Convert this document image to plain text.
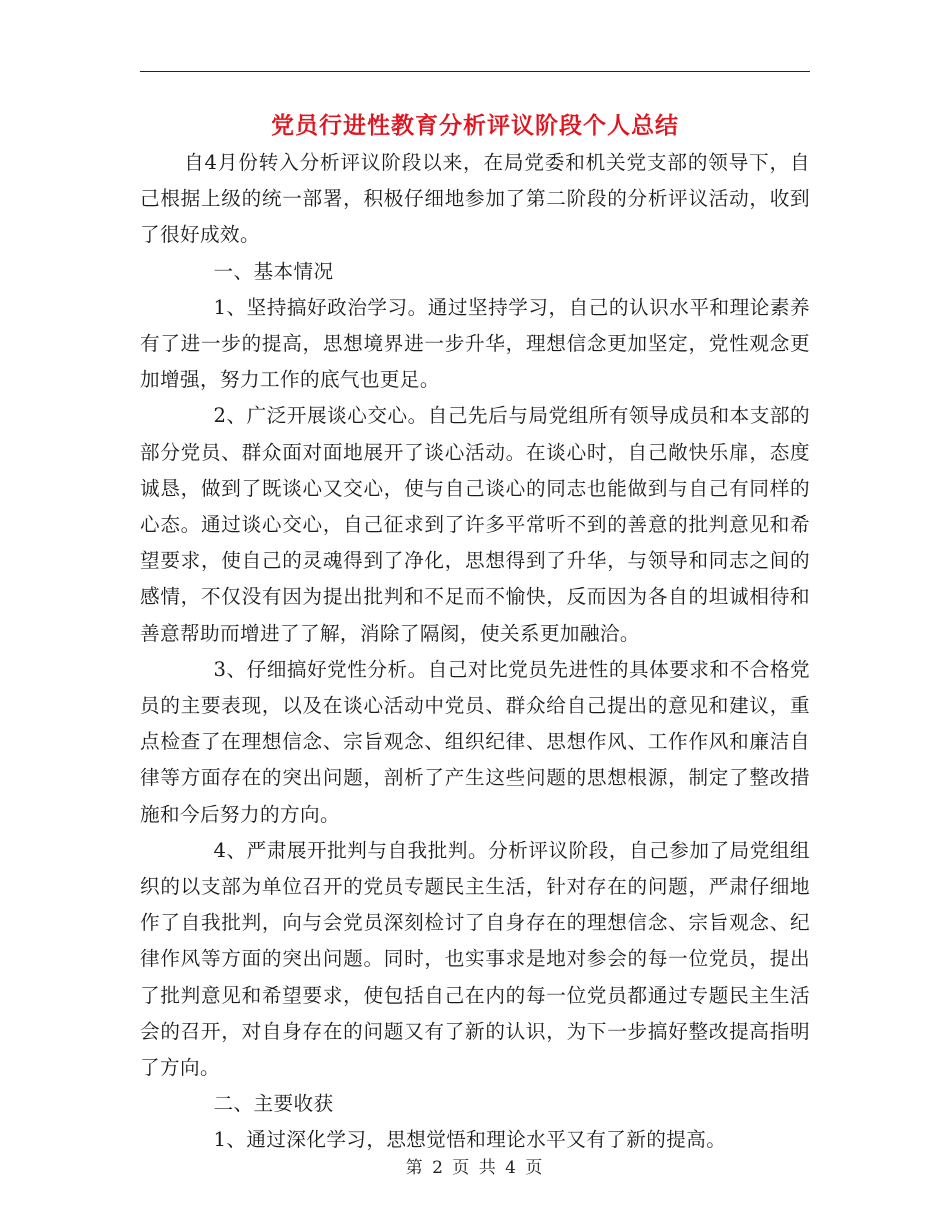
党员行进性教育分析评议阶段个人总结

自4月份转入分析评议阶段以来，在局党委和机关党支部的领导下，自己根据上级的统一部署，积极仔细地参加了第二阶段的分析评议活动，收到了很好成效。

一、基本情况

1、坚持搞好政治学习。通过坚持学习，自己的认识水平和理论素养有了进一步的提高，思想境界进一步升华，理想信念更加坚定，党性观念更加增强，努力工作的底气也更足。

2、广泛开展谈心交心。自己先后与局党组所有领导成员和本支部的部分党员、群众面对面地展开了谈心活动。在谈心时，自己敞快乐扉，态度诚恳，做到了既谈心又交心，使与自己谈心的同志也能做到与自己有同样的心态。通过谈心交心，自己征求到了许多平常听不到的善意的批判意见和希望要求，使自己的灵魂得到了净化，思想得到了升华，与领导和同志之间的感情，不仅没有因为提出批判和不足而不愉快，反而因为各自的坦诚相待和善意帮助而增进了了解，消除了隔阂，使关系更加融洽。

3、仔细搞好党性分析。自己对比党员先进性的具体要求和不合格党员的主要表现，以及在谈心活动中党员、群众给自己提出的意见和建议，重点检查了在理想信念、宗旨观念、组织纪律、思想作风、工作作风和廉洁自律等方面存在的突出问题，剖析了产生这些问题的思想根源，制定了整改措施和今后努力的方向。

4、严肃展开批判与自我批判。分析评议阶段，自己参加了局党组组织的以支部为单位召开的党员专题民主生活，针对存在的问题，严肃仔细地作了自我批判，向与会党员深刻检讨了自身存在的理想信念、宗旨观念、纪律作风等方面的突出问题。同时，也实事求是地对参会的每一位党员，提出了批判意见和希望要求，使包括自己在内的每一位党员都通过专题民主生活会的召开，对自身存在的问题又有了新的认识，为下一步搞好整改提高指明了方向。

二、主要收获

1、通过深化学习，思想觉悟和理论水平又有了新的提高。

第 2 页 共 4 页
